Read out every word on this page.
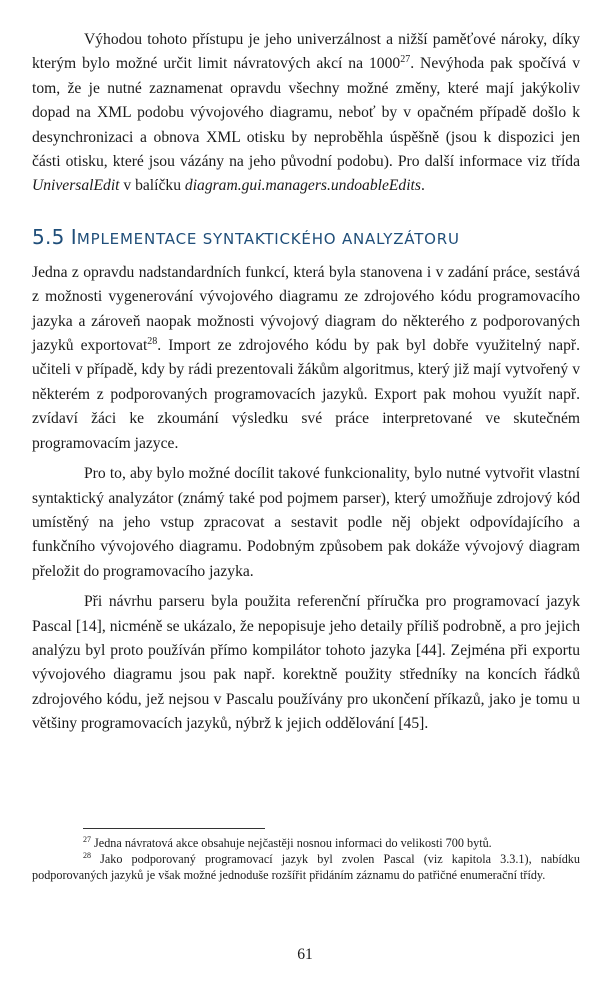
Výhodou tohoto přístupu je jeho univerzálnost a nižší paměťové nároky, díky kterým bylo možné určit limit návratových akcí na 1000$^{27}$. Nevýhoda pak spočívá v tom, že je nutné zaznamenat opravdu všechny možné změny, které mají jakýkoliv dopad na XML podobu vývojového diagramu, neboť by v opačném případě došlo k desynchronizaci a obnova XML otisku by neproběhla úspěšně (jsou k dispozici jen části otisku, které jsou vázány na jeho původní podobu). Pro další informace viz třída UniversalEdit v balíčku diagram.gui.managers.undoableEdits.

5.5 IMPLEMENTACE SYNTAKTICKÉHO ANALYZÁTORU

Jedna z opravdu nadstandardních funkcí, která byla stanovena i v zadání práce, sestává z možnosti vygenerování vývojového diagramu ze zdrojového kódu programovacího jazyka a zároveň naopak možnosti vývojový diagram do některého z podporovaných jazyků exportovat$^{28}$. Import ze zdrojového kódu by pak byl dobře využitelný např. učiteli v případě, kdy by rádi prezentovali žákům algoritmus, který již mají vytvořený v některém z podporovaných programovacích jazyků. Export pak mohou využít např. zvídaví žáci ke zkoumání výsledku své práce interpretované ve skutečném programovacím jazyce.

Pro to, aby bylo možné docílit takové funkcionality, bylo nutné vytvořit vlastní syntaktický analyzátor (známý také pod pojmem parser), který umožňuje zdrojový kód umístěný na jeho vstup zpracovat a sestavit podle něj objekt odpovídajícího a funkčního vývojového diagramu. Podobným způsobem pak dokáže vývojový diagram přeložit do programovacího jazyka.

Při návrhu parseru byla použita referenční příručka pro programovací jazyk Pascal [14], nicméně se ukázalo, že nepopisuje jeho detaily příliš podrobně, a pro jejich analýzu byl proto používán přímo kompilátor tohoto jazyka [44]. Zejména při exportu vývojového diagramu jsou pak např. korektně použity středníky na koncích řádků zdrojového kódu, jež nejsou v Pascalu používány pro ukončení příkazů, jako je tomu u většiny programovacích jazyků, nýbrž k jejich oddělování [45].

$^{27}$ Jedna návratová akce obsahuje nejčastěji nosnou informaci do velikosti 700 bytů.

$^{28}$ Jako podporovaný programovací jazyk byl zvolen Pascal (viz kapitola 3.3.1), nabídku podporovaných jazyků je však možné jednoduše rozšířit přidáním záznamu do patřičné enumerační třídy.

61
